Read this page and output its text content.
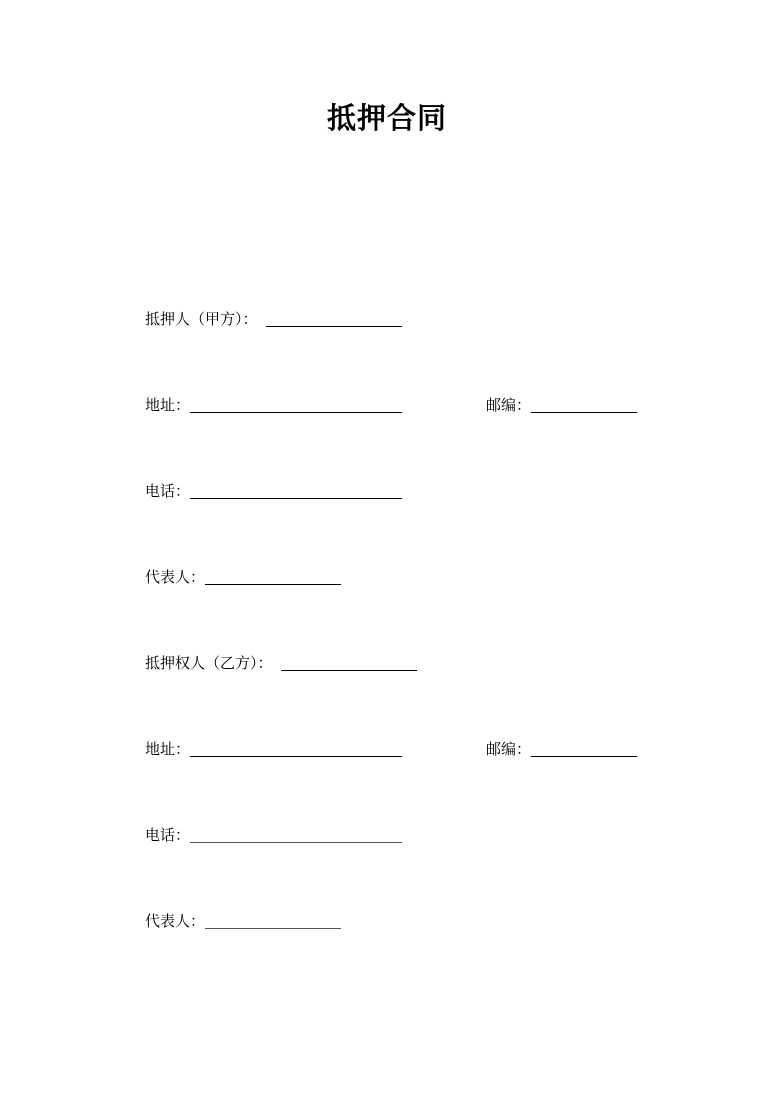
抵押合同
抵押人（甲方）：
地址：	邮编：
电话：
代表人：
抵押权人（乙方）：
地址：	邮编：
电话：
代表人：
